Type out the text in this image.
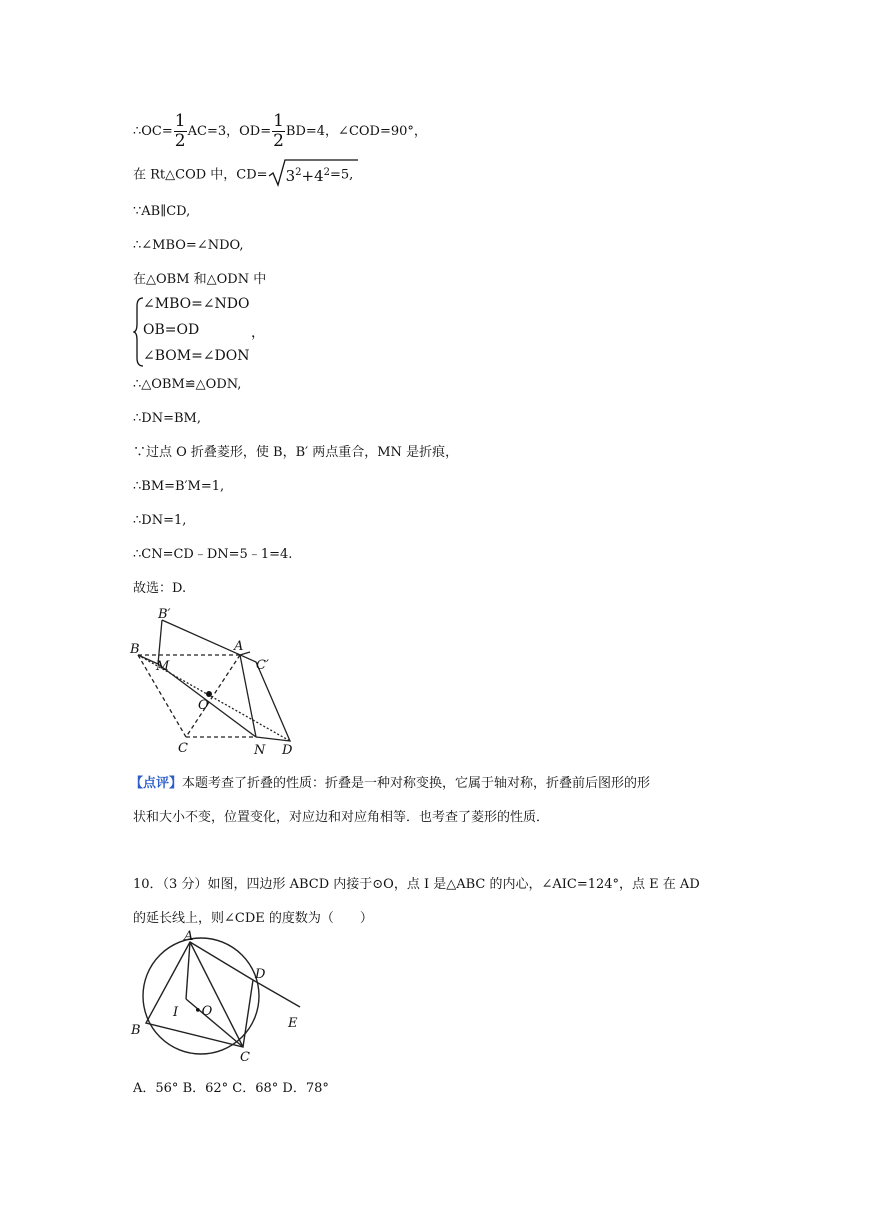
∴OC= $\frac{1}{2} AC=3$，$OD= \frac{1}{2} BD=4$，∠COD=90°，
在 Rt△COD 中，$CD= 3^2+4^2=5$,
∵AB∥CD,
∴∠MBO=∠NDO,
在△OBM 和△ODN 中
∠MBO=∠NDO
OB=OD	，
∠BOM=∠DON
∴△OBM≌△ODN,
∴DN=BM,
∵过点 O 折叠菱形，使 B，B′ 两点重合，MN 是折痕，
∴BM=B′M=1,
∴DN=1,
∴CN=CD﹣DN=5﹣1=4.
故选：D.
B′
B	A
M	C′
O
C	N D
【点评】本题考查了折叠的性质：折叠是一种对称变换，它属于轴对称，折叠前后图形的形
状和大小不变，位置变化，对应边和对应角相等．也考查了菱形的性质．
10．（3 分）如图，四边形 ABCD 内接于⊙O，点 I 是△ABC 的内心，∠AIC=124°，点 E 在 AD
的延长线上，则∠CDE 的度数为（　　）
A
D
I •O
E
B
C
A．56° B．62° C．68° D．78°
